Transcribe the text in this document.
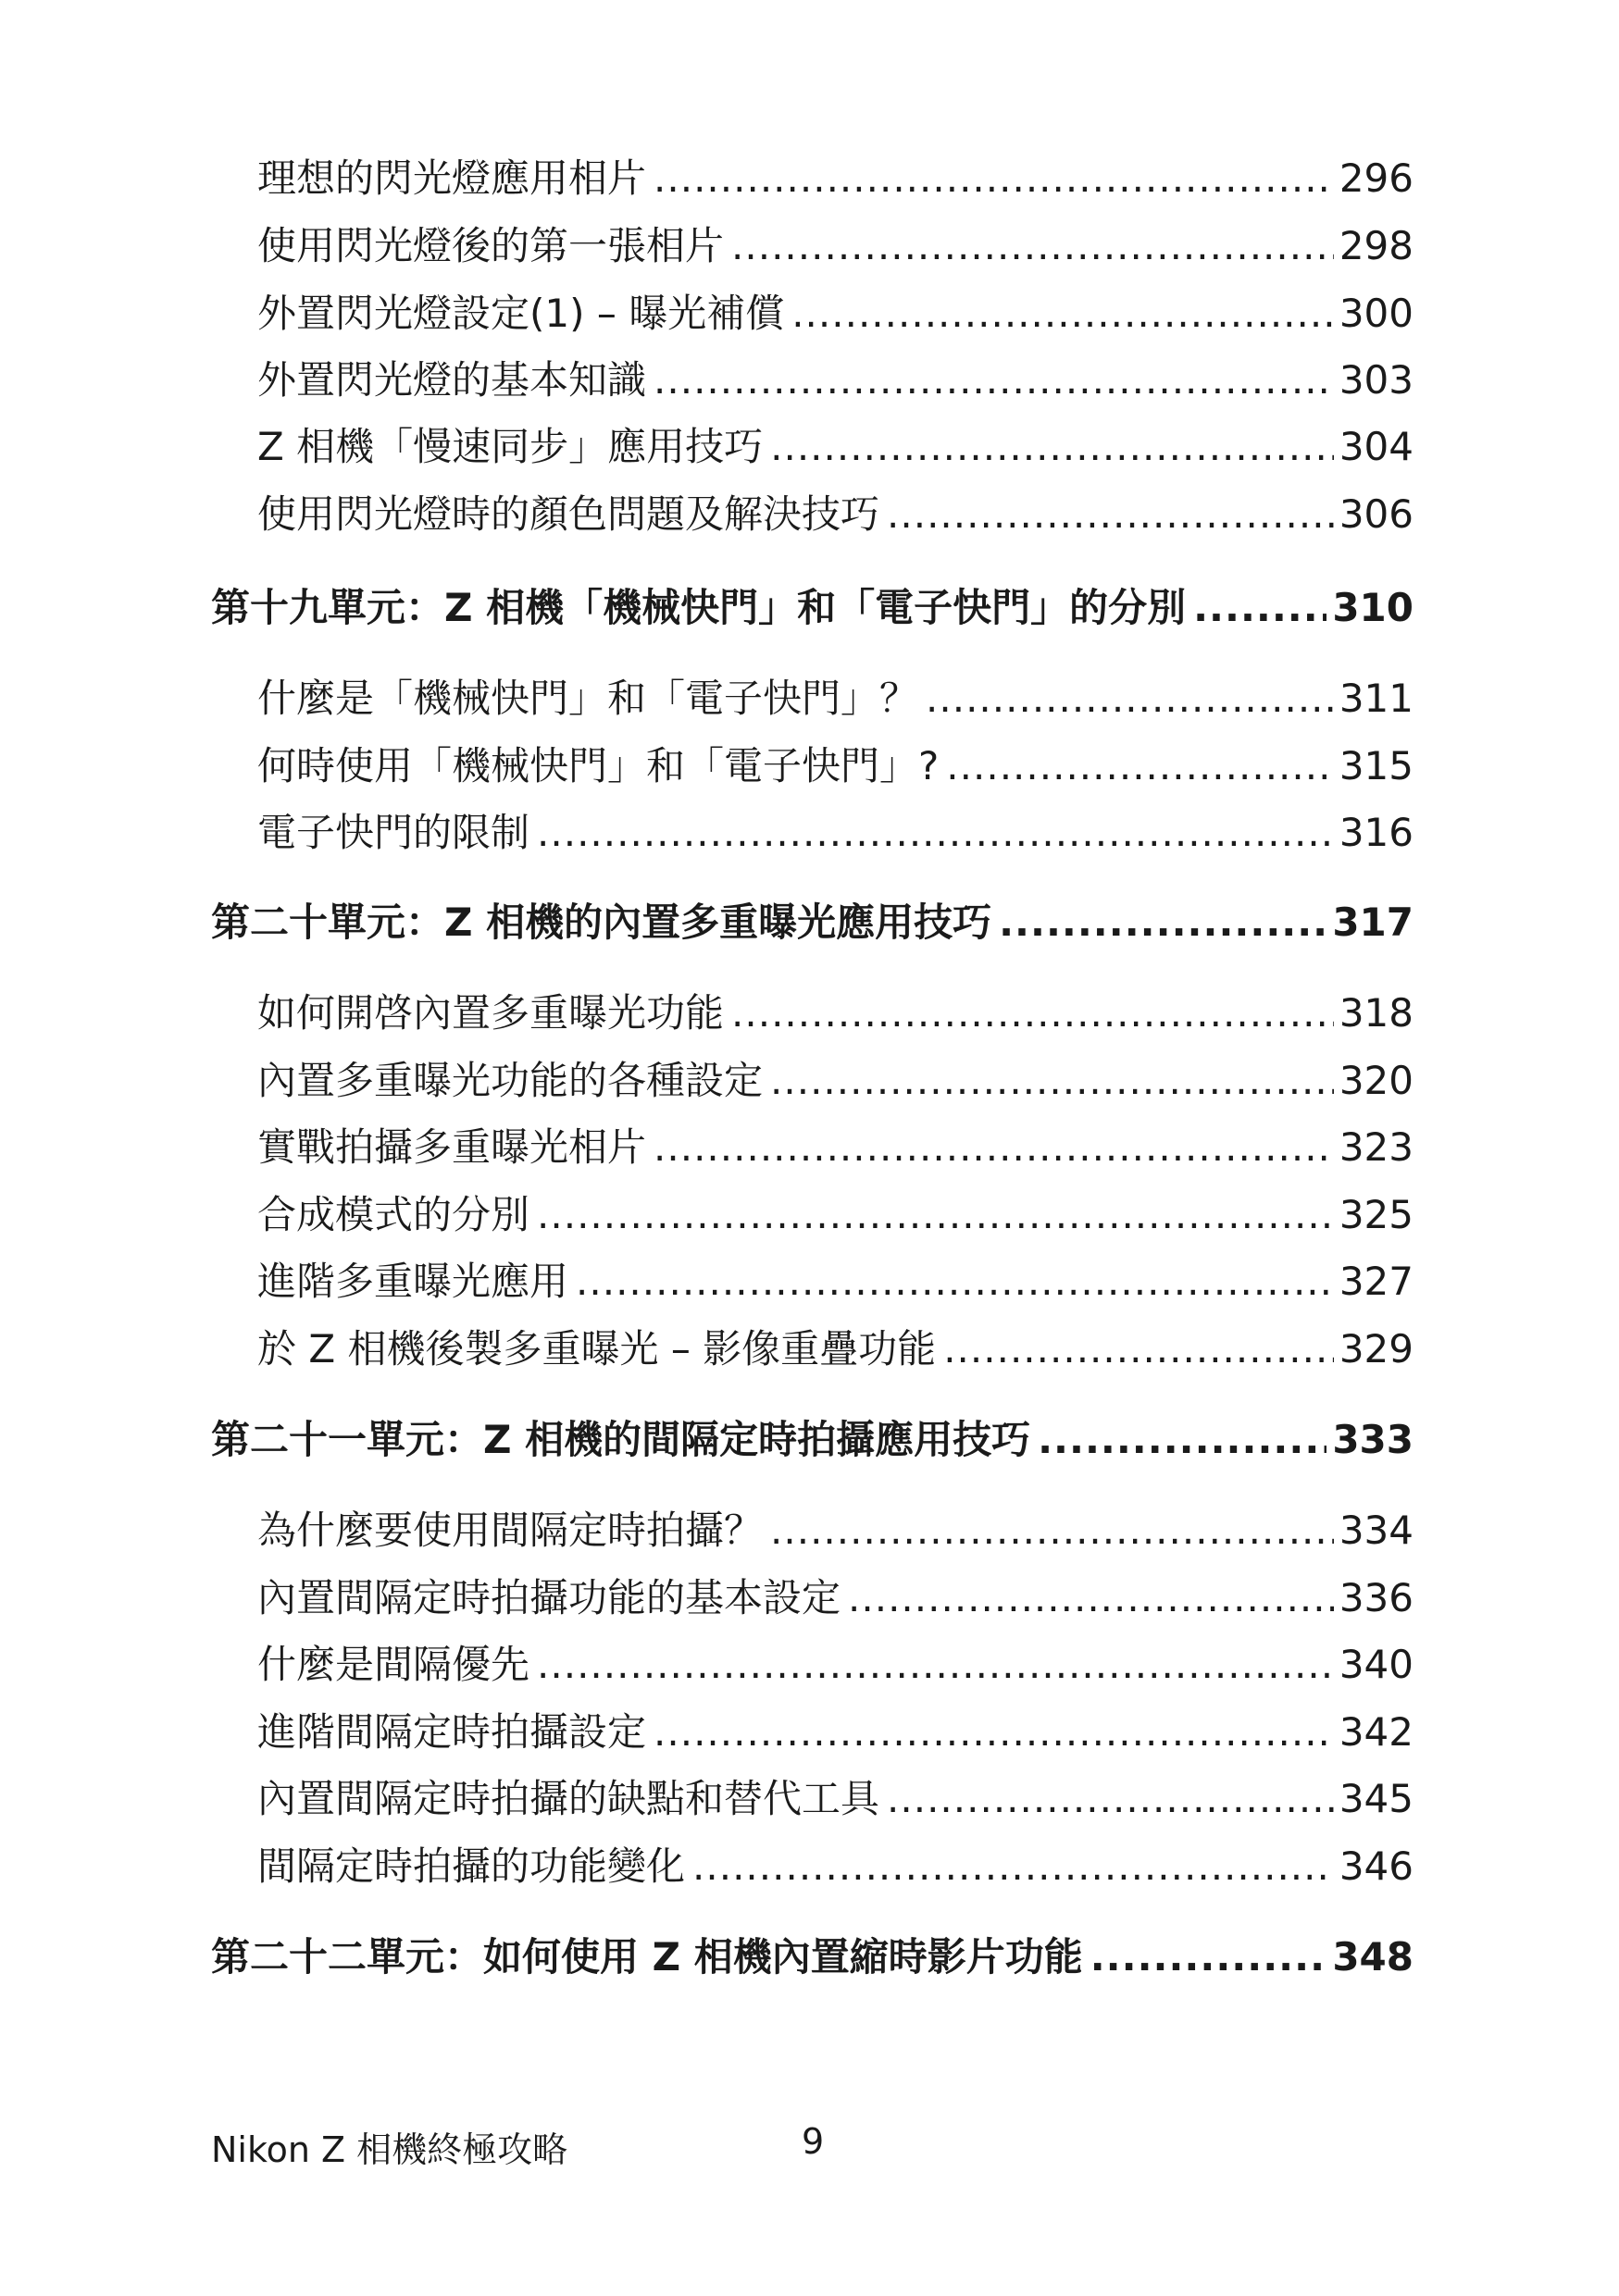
理想的閃光燈應用相片 .....	296
使用閃光燈後的第一張相片 .....	298
外置閃光燈設定(1) – 曝光補償 .....	300
外置閃光燈的基本知識 .....	303
Z 相機「慢速同步」應用技巧 .....	304
使用閃光燈時的顏色問題及解決技巧 .....	306
第十九單元：Z 相機「機械快門」和「電子快門」的分別 .....	310
什麼是「機械快門」和「電子快門」？ .....	311
何時使用「機械快門」和「電子快門」? .....	315
電子快門的限制 .....	316
第二十單元：Z 相機的內置多重曝光應用技巧 .....	317
如何開啓內置多重曝光功能 .....	318
內置多重曝光功能的各種設定 .....	320
實戰拍攝多重曝光相片 .....	323
合成模式的分別 .....	325
進階多重曝光應用 .....	327
於 Z 相機後製多重曝光 – 影像重疊功能 .....	329
第二十一單元：Z 相機的間隔定時拍攝應用技巧 .....	333
為什麼要使用間隔定時拍攝？ .....	334
內置間隔定時拍攝功能的基本設定 .....	336
什麼是間隔優先 .....	340
進階間隔定時拍攝設定 .....	342
內置間隔定時拍攝的缺點和替代工具 .....	345
間隔定時拍攝的功能變化 .....	346
第二十二單元：如何使用 Z 相機內置縮時影片功能 .....	348
Nikon Z 相機終極攻略	9
